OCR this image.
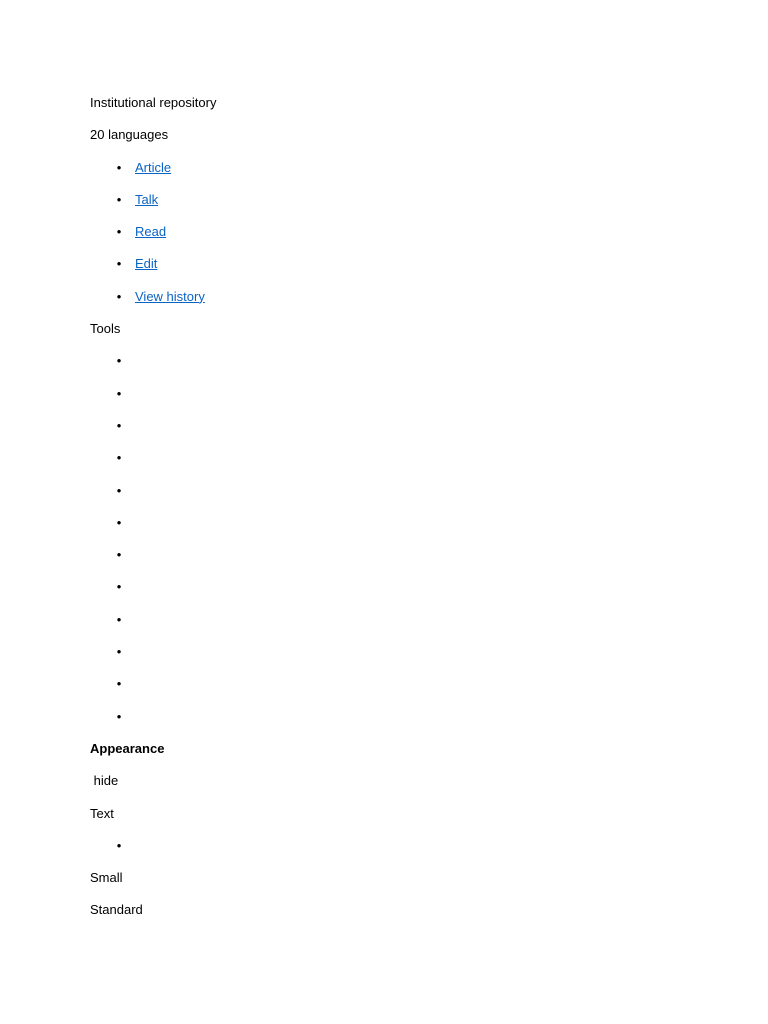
Institutional repository
20 languages
• Article
• Talk
• Read
• Edit
• View history
Tools
•
•
•
•
•
•
•
•
•
•
•
•
Appearance
hide
Text
•
Small
Standard
